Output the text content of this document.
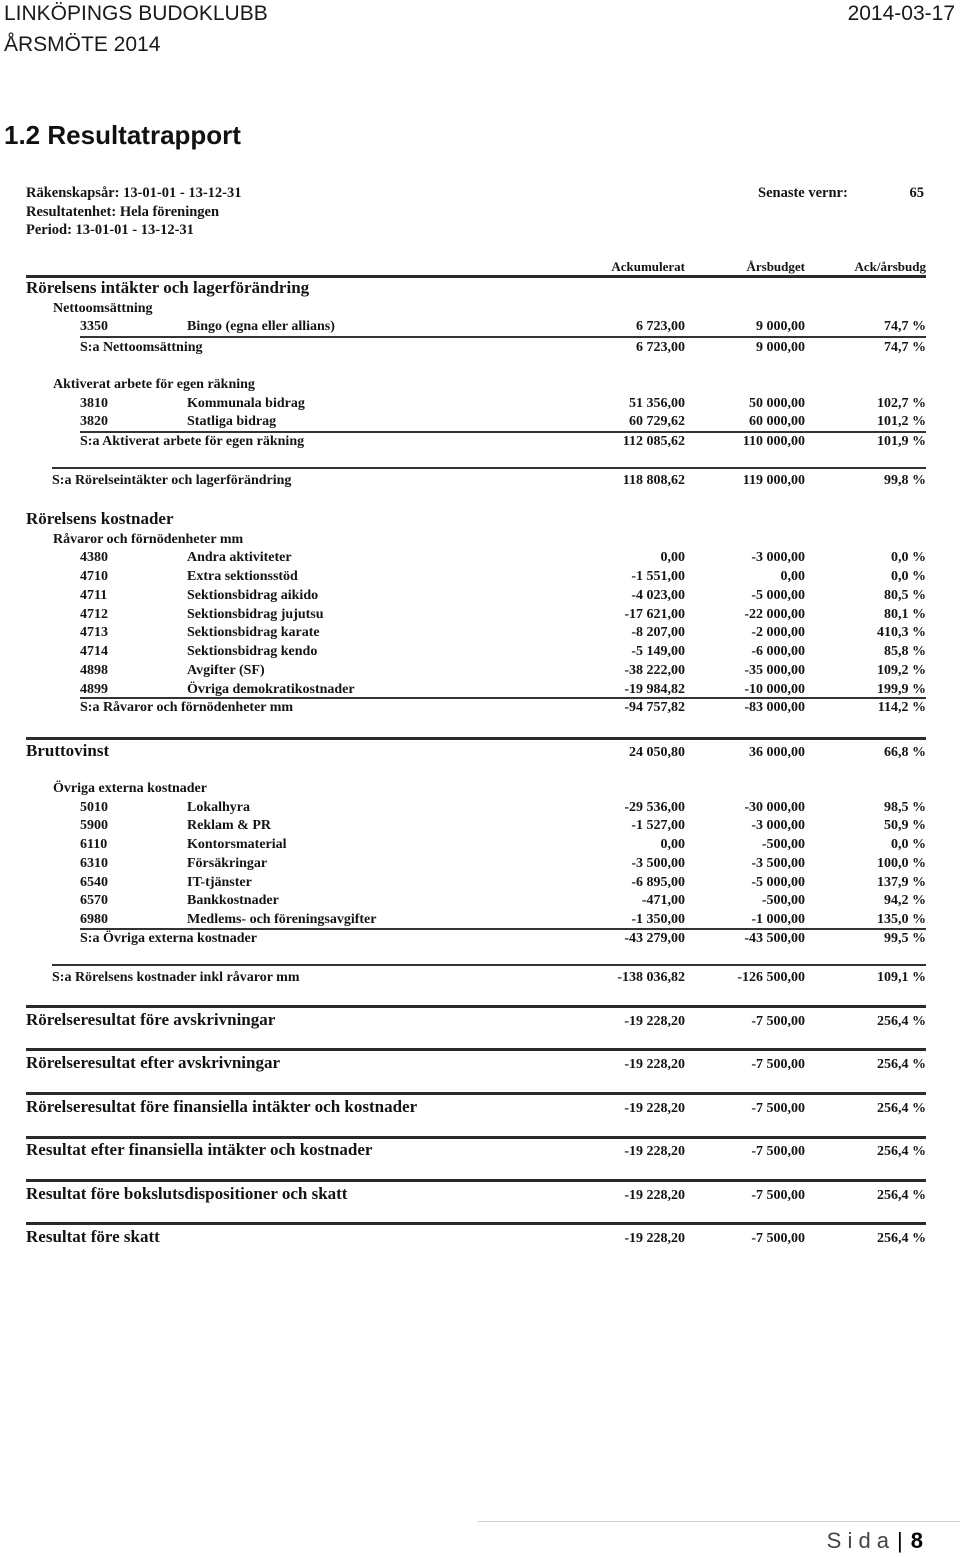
LINKÖPINGS BUDOKLUBB
ÅRSMÖTE 2014
2014-03-17
1.2 Resultatrapport
Räkenskapsår: 13-01-01 - 13-12-31
Resultatenhet: Hela föreningen
Period: 13-01-01 - 13-12-31
Senaste vernr:	65
Ackumulerat	Årsbudget	Ack/årsbudg
Rörelsens intäkter och lagerförändring
Nettoomsättning
Aktiverat arbete för egen räkning
Rörelsens kostnader
Råvaror och förnödenheter mm
Övriga externa kostnader
3350	Bingo (egna eller allians)	6 723,00	9 000,00	74,7 %
3810	Kommunala bidrag	51 356,00	50 000,00	102,7 %
3820	Statliga bidrag	60 729,62	60 000,00	101,2 %
4380	Andra aktiviteter	0,00	-3 000,00	0,0 %
4710	Extra sektionsstöd	-1 551,00	0,00	0,0 %
4711	Sektionsbidrag aikido	-4 023,00	-5 000,00	80,5 %
4712	Sektionsbidrag jujutsu	-17 621,00	-22 000,00	80,1 %
4713	Sektionsbidrag karate	-8 207,00	-2 000,00	410,3 %
4714	Sektionsbidrag kendo	-5 149,00	-6 000,00	85,8 %
4898	Avgifter (SF)	-38 222,00	-35 000,00	109,2 %
4899	Övriga demokratikostnader	-19 984,82	-10 000,00	199,9 %
5010	Lokalhyra	-29 536,00	-30 000,00	98,5 %
5900	Reklam & PR	-1 527,00	-3 000,00	50,9 %
6110	Kontorsmaterial	0,00	-500,00	0,0 %
6310	Försäkringar	-3 500,00	-3 500,00	100,0 %
6540	IT-tjänster	-6 895,00	-5 000,00	137,9 %
6570	Bankkostnader	-471,00	-500,00	94,2 %
6980	Medlems- och föreningsavgifter	-1 350,00	-1 000,00	135,0 %
S:a Nettoomsättning	6 723,00	9 000,00	74,7 %
S:a Aktiverat arbete för egen räkning	112 085,62	110 000,00	101,9 %
S:a Rörelseintäkter och lagerförändring	118 808,62	119 000,00	99,8 %
S:a Råvaror och förnödenheter mm	-94 757,82	-83 000,00	114,2 %
Bruttovinst	24 050,80	36 000,00	66,8 %
S:a Övriga externa kostnader	-43 279,00	-43 500,00	99,5 %
S:a Rörelsens kostnader inkl råvaror mm	-138 036,82	-126 500,00	109,1 %
Rörelseresultat före avskrivningar	-19 228,20	-7 500,00	256,4 %
Rörelseresultat efter avskrivningar	-19 228,20	-7 500,00	256,4 %
Rörelseresultat före finansiella intäkter och kostnader	-19 228,20	-7 500,00	256,4 %
Resultat efter finansiella intäkter och kostnader	-19 228,20	-7 500,00	256,4 %
Resultat före bokslutsdispositioner och skatt	-19 228,20	-7 500,00	256,4 %
Resultat före skatt	-19 228,20	-7 500,00	256,4 %
S i d a | 8
